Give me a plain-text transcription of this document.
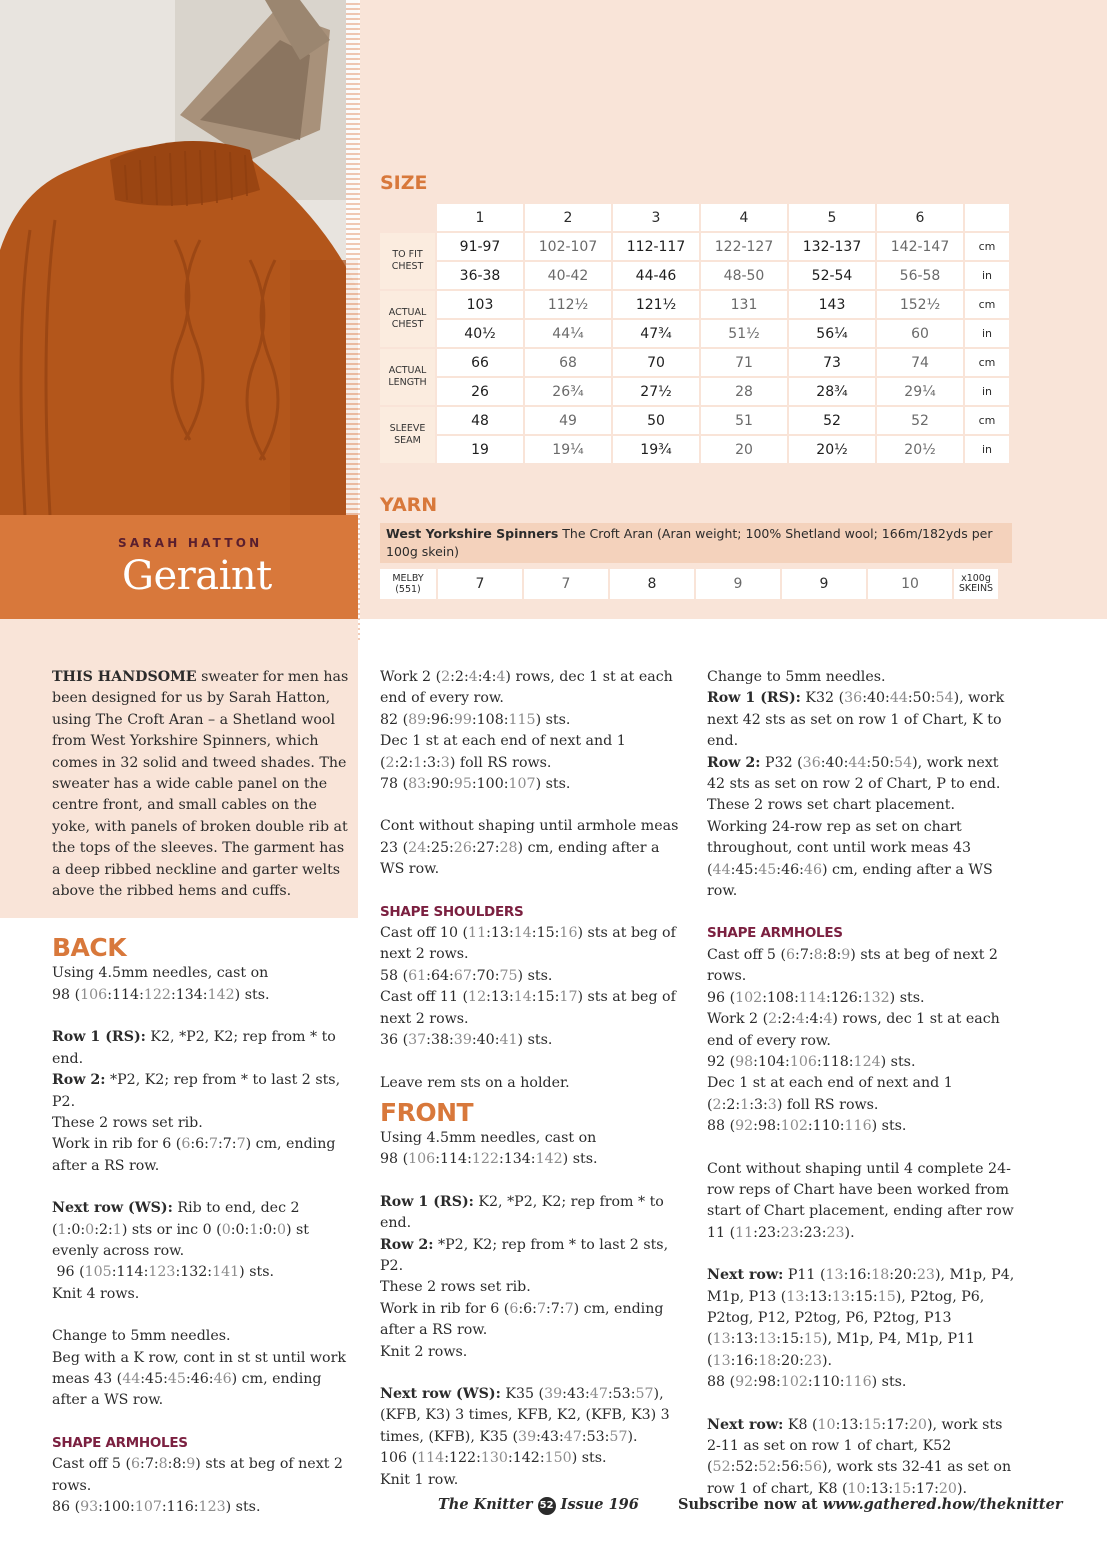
SARAH HATTON
Geraint
SIZE
	1	2	3	4	5	6	
TO FIT CHEST	91-97	102-107	112-117	122-127	132-137	142-147	cm
	36-38	40-42	44-46	48-50	52-54	56-58	in
ACTUAL CHEST	103	112½	121½	131	143	152½	cm
	40½	44¼	47¾	51½	56¼	60	in
ACTUAL LENGTH	66	68	70	71	73	74	cm
	26	26¾	27½	28	28¾	29¼	in
SLEEVE SEAM	48	49	50	51	52	52	cm
	19	19¼	19¾	20	20½	20½	in
YARN
West Yorkshire Spinners The Croft Aran (Aran weight; 100% Shetland wool; 166m/182yds per 100g skein)
MELBY (551)	7	7	8	9	9	10	x100g SKEINS

THIS HANDSOME sweater for men has been designed for us by Sarah Hatton, using The Croft Aran – a Shetland wool from West Yorkshire Spinners, which comes in 32 solid and tweed shades. The sweater has a wide cable panel on the centre front, and small cables on the yoke, with panels of broken double rib at the tops of the sleeves. The garment has a deep ribbed neckline and garter welts above the ribbed hems and cuffs.

BACK

Using 4.5mm needles, cast on
98 (106:114:122:134:142) sts.

Row 1 (RS): K2, *P2, K2; rep from * to end.
Row 2: *P2, K2; rep from * to last 2 sts, P2.
These 2 rows set rib.
Work in rib for 6 (6:6:7:7:7) cm, ending after a RS row.

Next row (WS): Rib to end, dec 2 (1:0:0:2:1) sts or inc 0 (0:0:1:0:0) st evenly across row.
96 (105:114:123:132:141) sts.
Knit 4 rows.

Change to 5mm needles.
Beg with a K row, cont in st st until work meas 43 (44:45:45:46:46) cm, ending after a WS row.

SHAPE ARMHOLES

Cast off 5 (6:7:8:8:9) sts at beg of next 2 rows.
86 (93:100:107:116:123) sts.

Work 2 (2:2:4:4:4) rows, dec 1 st at each end of every row.
82 (89:96:99:108:115) sts.
Dec 1 st at each end of next and 1 (2:2:1:3:3) foll RS rows.
78 (83:90:95:100:107) sts.

Cont without shaping until armhole meas 23 (24:25:26:27:28) cm, ending after a WS row.

SHAPE SHOULDERS

Cast off 10 (11:13:14:15:16) sts at beg of next 2 rows.
58 (61:64:67:70:75) sts.
Cast off 11 (12:13:14:15:17) sts at beg of next 2 rows.
36 (37:38:39:40:41) sts.

Leave rem sts on a holder.

FRONT

Using 4.5mm needles, cast on
98 (106:114:122:134:142) sts.

Row 1 (RS): K2, *P2, K2; rep from * to end.
Row 2: *P2, K2; rep from * to last 2 sts, P2.
These 2 rows set rib.
Work in rib for 6 (6:6:7:7:7) cm, ending after a RS row.
Knit 2 rows.

Next row (WS): K35 (39:43:47:53:57), (KFB, K3) 3 times, KFB, K2, (KFB, K3) 3 times, (KFB), K35 (39:43:47:53:57).
106 (114:122:130:142:150) sts.
Knit 1 row.

Change to 5mm needles.
Row 1 (RS): K32 (36:40:44:50:54), work next 42 sts as set on row 1 of Chart, K to end.
Row 2: P32 (36:40:44:50:54), work next 42 sts as set on row 2 of Chart, P to end.
These 2 rows set chart placement.
Working 24-row rep as set on chart throughout, cont until work meas 43 (44:45:45:46:46) cm, ending after a WS row.

SHAPE ARMHOLES

Cast off 5 (6:7:8:8:9) sts at beg of next 2 rows.
96 (102:108:114:126:132) sts.
Work 2 (2:2:4:4:4) rows, dec 1 st at each end of every row.
92 (98:104:106:118:124) sts.
Dec 1 st at each end of next and 1 (2:2:1:3:3) foll RS rows.
88 (92:98:102:110:116) sts.

Cont without shaping until 4 complete 24-row reps of Chart have been worked from start of Chart placement, ending after row 11 (11:23:23:23:23).

Next row: P11 (13:16:18:20:23), M1p, P4, M1p, P13 (13:13:13:15:15), P2tog, P6, P2tog, P12, P2tog, P6, P2tog, P13 (13:13:13:15:15), M1p, P4, M1p, P11 (13:16:18:20:23).
88 (92:98:102:110:116) sts.

Next row: K8 (10:13:15:17:20), work sts 2-11 as set on row 1 of chart, K52 (52:52:52:56:56), work sts 32-41 as set on row 1 of chart, K8 (10:13:15:17:20).

The Knitter 52 Issue 196	Subscribe now at www.gathered.how/theknitter
